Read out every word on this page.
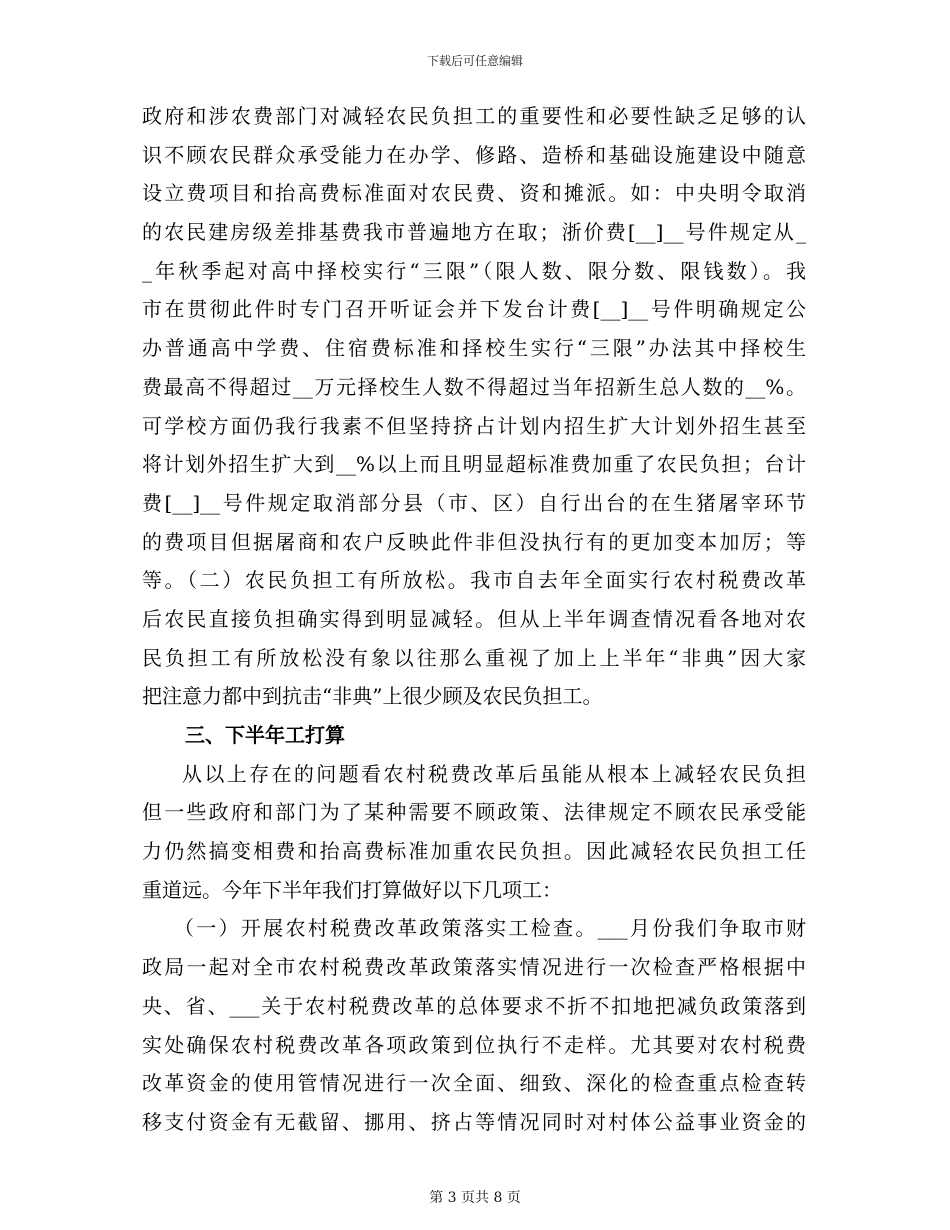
下载后可任意编辑
政府和涉农费部门对减轻农民负担工的重要性和必要性缺乏足够的认
识不顾农民群众承受能力在办学、修路、造桥和基础设施建设中随意
设立费项目和抬高费标准面对农民费、资和摊派。如：中央明令取消
的农民建房级差排基费我市普遍地方在取；浙价费[__]__号件规定从_
_年秋季起对高中择校实行“三限”（限人数、限分数、限钱数）。我
市在贯彻此件时专门召开听证会并下发台计费[__]__号件明确规定公
办普通高中学费、住宿费标准和择校生实行“三限”办法其中择校生
费最高不得超过__万元择校生人数不得超过当年招新生总人数的__%。
可学校方面仍我行我素不但坚持挤占计划内招生扩大计划外招生甚至
将计划外招生扩大到__%以上而且明显超标准费加重了农民负担；台计
费[__]__号件规定取消部分县（市、区）自行出台的在生猪屠宰环节
的费项目但据屠商和农户反映此件非但没执行有的更加变本加厉；等
等。（二）农民负担工有所放松。我市自去年全面实行农村税费改革
后农民直接负担确实得到明显减轻。但从上半年调查情况看各地对农
民负担工有所放松没有象以往那么重视了加上上半年“非典”因大家
把注意力都中到抗击“非典”上很少顾及农民负担工。
三、下半年工打算
从以上存在的问题看农村税费改革后虽能从根本上减轻农民负担
但一些政府和部门为了某种需要不顾政策、法律规定不顾农民承受能
力仍然搞变相费和抬高费标准加重农民负担。因此减轻农民负担工任
重道远。今年下半年我们打算做好以下几项工：
（一）开展农村税费改革政策落实工检查。___月份我们争取市财
政局一起对全市农村税费改革政策落实情况进行一次检查严格根据中
央、省、___关于农村税费改革的总体要求不折不扣地把减负政策落到
实处确保农村税费改革各项政策到位执行不走样。尤其要对农村税费
改革资金的使用管情况进行一次全面、细致、深化的检查重点检查转
移支付资金有无截留、挪用、挤占等情况同时对村体公益事业资金的
第 3 页共 8 页
